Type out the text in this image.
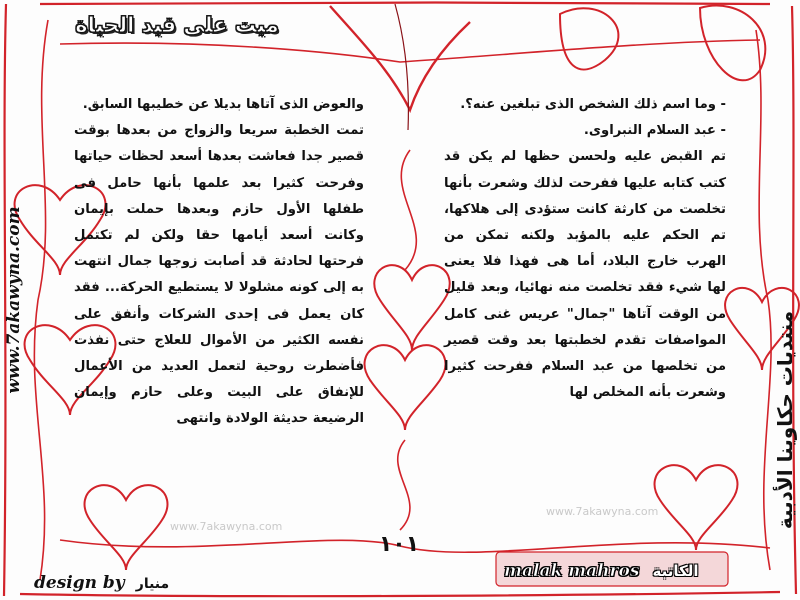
ميت على قيد الحياة
www.7akawyna.com
منتديات حكاوينا الأدبية
www.7akawyna.com
www.7akawyna.com

- وما اسم ذلك الشخص الذى تبلغين عنه؟.

- عبد السلام النبراوى.

تم القبض عليه ولحسن حظها لم يكن قد كتب كتابه عليها ففرحت لذلك وشعرت بأنها تخلصت من كارثة كانت ستؤدى إلى هلاكها، تم الحكم عليه بالمؤبد ولكنه تمكن من الهرب خارج البلاد، أما هى فهذا فلا يعنى لها شيء فقد تخلصت منه نهائيا، وبعد قليل من الوقت آتاها "جمال" عريس غنى كامل المواصفات تقدم لخطبتها بعد وقت قصير من تخلصها من عبد السلام ففرحت كثيرا وشعرت بأنه المخلص لها

والعوض الذى آتاها بديلا عن خطيبها السابق.

تمت الخطبة سريعا والزواج من بعدها بوقت قصير جدا فعاشت بعدها أسعد لحظات حياتها وفرحت كثيرا بعد علمها بأنها حامل فى طفلها الأول حازم وبعدها حملت بإيمان وكانت أسعد أيامها حقا ولكن لم تكتمل فرحتها لحادثة قد أصابت زوجها جمال انتهت به إلى كونه مشلولا لا يستطيع الحركة... فقد كان يعمل فى إحدى الشركات وأنفق على نفسه الكثير من الأموال للعلاج حتى نفذت فأضطرت روحية لتعمل العديد من الأعمال للإنفاق على البيت وعلى حازم وإيمان الرضيعة حديثة الولادة وانتهى

١٠١
malak mahros الكاتبة
design by منيار
